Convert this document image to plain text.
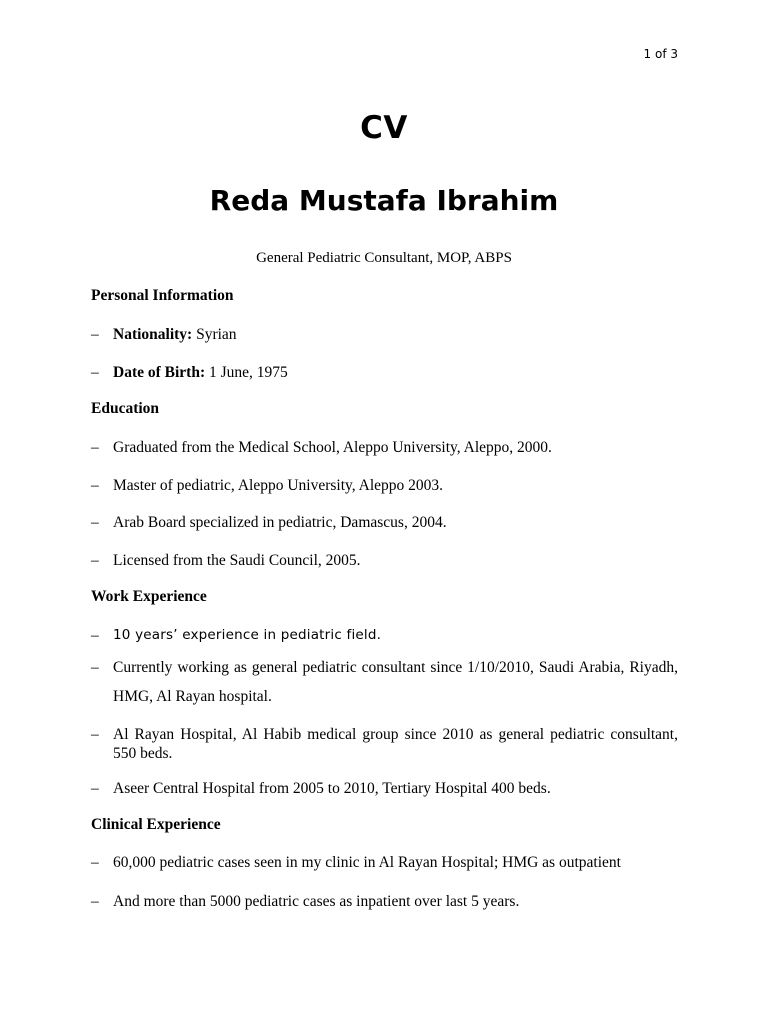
1 of 3
CV
Reda Mustafa Ibrahim
General Pediatric Consultant, MOP, ABPS
Personal Information
– Nationality: Syrian
– Date of Birth: 1 June, 1975
Education
– Graduated from the Medical School, Aleppo University, Aleppo, 2000.
– Master of pediatric, Aleppo University, Aleppo 2003.
– Arab Board specialized in pediatric, Damascus, 2004.
– Licensed from the Saudi Council, 2005.
Work Experience
– 10 years’ experience in pediatric field.
– Currently working as general pediatric consultant since 1/10/2010, Saudi Arabia, Riyadh, HMG, Al Rayan hospital.
– Al Rayan Hospital, Al Habib medical group since 2010 as general pediatric consultant, 550 beds.
– Aseer Central Hospital from 2005 to 2010, Tertiary Hospital 400 beds.
Clinical Experience
– 60,000 pediatric cases seen in my clinic in Al Rayan Hospital; HMG as outpatient
– And more than 5000 pediatric cases as inpatient over last 5 years.
